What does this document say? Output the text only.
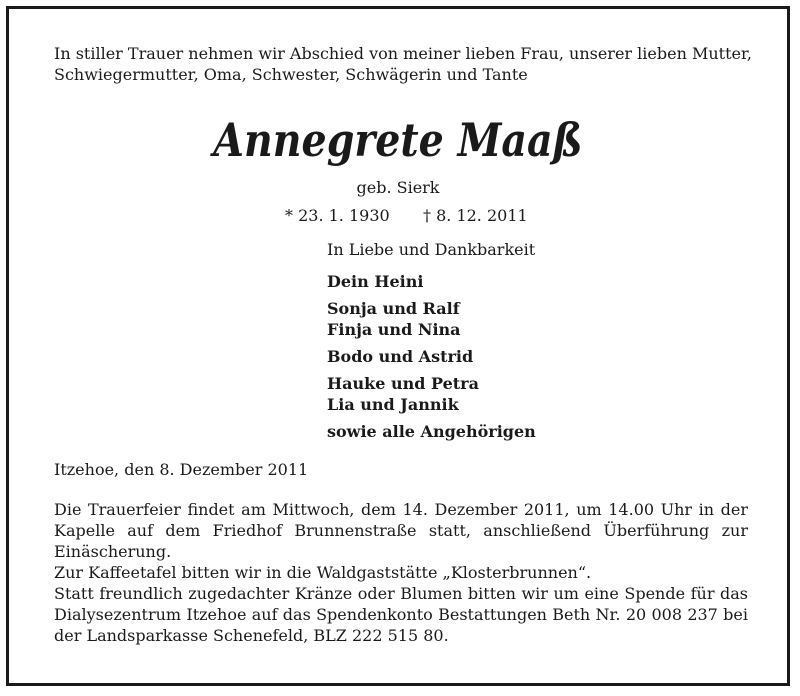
In stiller Trauer nehmen wir Abschied von meiner lieben Frau, unserer lieben Mutter,
Schwiegermutter, Oma, Schwester, Schwägerin und Tante
Annegrete Maaß
geb. Sierk
* 23. 1. 1930 † 8. 12. 2011
In Liebe und Dankbarkeit
Dein Heini
Sonja und Ralf
Finja und Nina
Bodo und Astrid
Hauke und Petra
Lia und Jannik
sowie alle Angehörigen
Itzehoe, den 8. Dezember 2011

Die Trauerfeier findet am Mittwoch, dem 14. Dezember 2011, um 14.00 Uhr in der Kapelle auf dem Friedhof Brunnenstraße statt, anschließend Überführung zur Einäscherung.

Zur Kaffeetafel bitten wir in die Waldgaststätte „Klosterbrunnen“.

Statt freundlich zugedachter Kränze oder Blumen bitten wir um eine Spende für das Dialysezentrum Itzehoe auf das Spendenkonto Bestattungen Beth Nr. 20 008 237 bei der Landsparkasse Schenefeld, BLZ 222 515 80.
